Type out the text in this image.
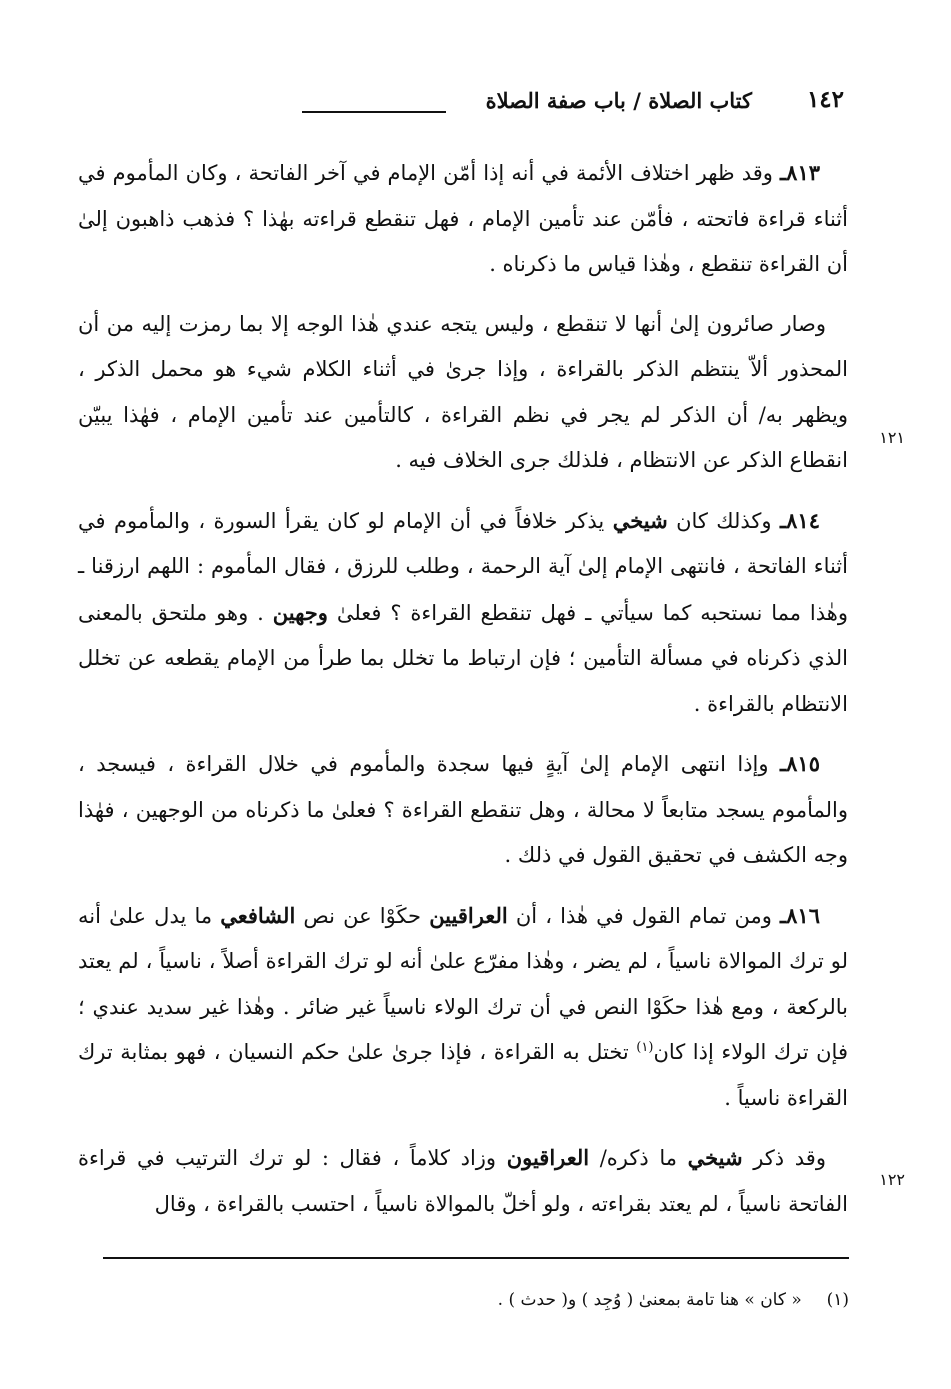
١٤٢
كتاب الصلاة / باب صفة الصلاة
١٢١
١٢٢

٨١٣ـ وقد ظهر اختلاف الأئمة في أنه إذا أمّن الإمام في آخر الفاتحة ، وكان المأموم في أثناء قراءة فاتحته ، فأمّن عند تأمين الإمام ، فهل تنقطع قراءته بهٰذا ؟ فذهب ذاهبون إلىٰ أن القراءة تنقطع ، وهٰذا قياس ما ذكرناه .

وصار صائرون إلىٰ أنها لا تنقطع ، وليس يتجه عندي هٰذا الوجه إلا بما رمزت إليه من أن المحذور ألاّ ينتظم الذكر بالقراءة ، وإذا جرىٰ في أثناء الكلام شيء هو محمل الذكر ، ويظهر به/ أن الذكر لم يجر في نظم القراءة ، كالتأمين عند تأمين الإمام ، فهٰذا يبيّن انقطاع الذكر عن الانتظام ، فلذلك جرى الخلاف فيه .

٨١٤ـ وكذلك كان شيخي يذكر خلافاً في أن الإمام لو كان يقرأ السورة ، والمأموم في أثناء الفاتحة ، فانتهى الإمام إلىٰ آية الرحمة ، وطلب للرزق ، فقال المأموم : اللهم ارزقنا ـ وهٰذا مما نستحبه كما سيأتي ـ فهل تنقطع القراءة ؟ فعلىٰ وجهين . وهو ملتحق بالمعنى الذي ذكرناه في مسألة التأمين ؛ فإن ارتباط ما تخلل بما طرأ من الإمام يقطعه عن تخلل الانتظام بالقراءة .

٨١٥ـ وإذا انتهى الإمام إلىٰ آيةٍ فيها سجدة والمأموم في خلال القراءة ، فيسجد ، والمأموم يسجد متابعاً لا محالة ، وهل تنقطع القراءة ؟ فعلىٰ ما ذكرناه من الوجهين ، فهٰذا وجه الكشف في تحقيق القول في ذلك .

٨١٦ـ ومن تمام القول في هٰذا ، أن العراقيين حكَوْا عن نص الشافعي ما يدل علىٰ أنه لو ترك الموالاة ناسياً ، لم يضر ، وهٰذا مفرّع علىٰ أنه لو ترك القراءة أصلاً ، ناسياً ، لم يعتد بالركعة ، ومع هٰذا حكَوْا النص في أن ترك الولاء ناسياً غير ضائر . وهٰذا غير سديد عندي ؛ فإن ترك الولاء إذا كان$^{(١)}$ تختل به القراءة ، فإذا جرىٰ علىٰ حكم النسيان ، فهو بمثابة ترك القراءة ناسياً .

وقد ذكر شيخي ما ذكره/ العراقيون وزاد كلاماً ، فقال : لو ترك الترتيب في قراءة الفاتحة ناسياً ، لم يعتد بقراءته ، ولو أخلّ بالموالاة ناسياً ، احتسب بالقراءة ، وقال

(١)  « كان » هنا تامة بمعنىٰ ( وُجِد ) و( حدث ) .
